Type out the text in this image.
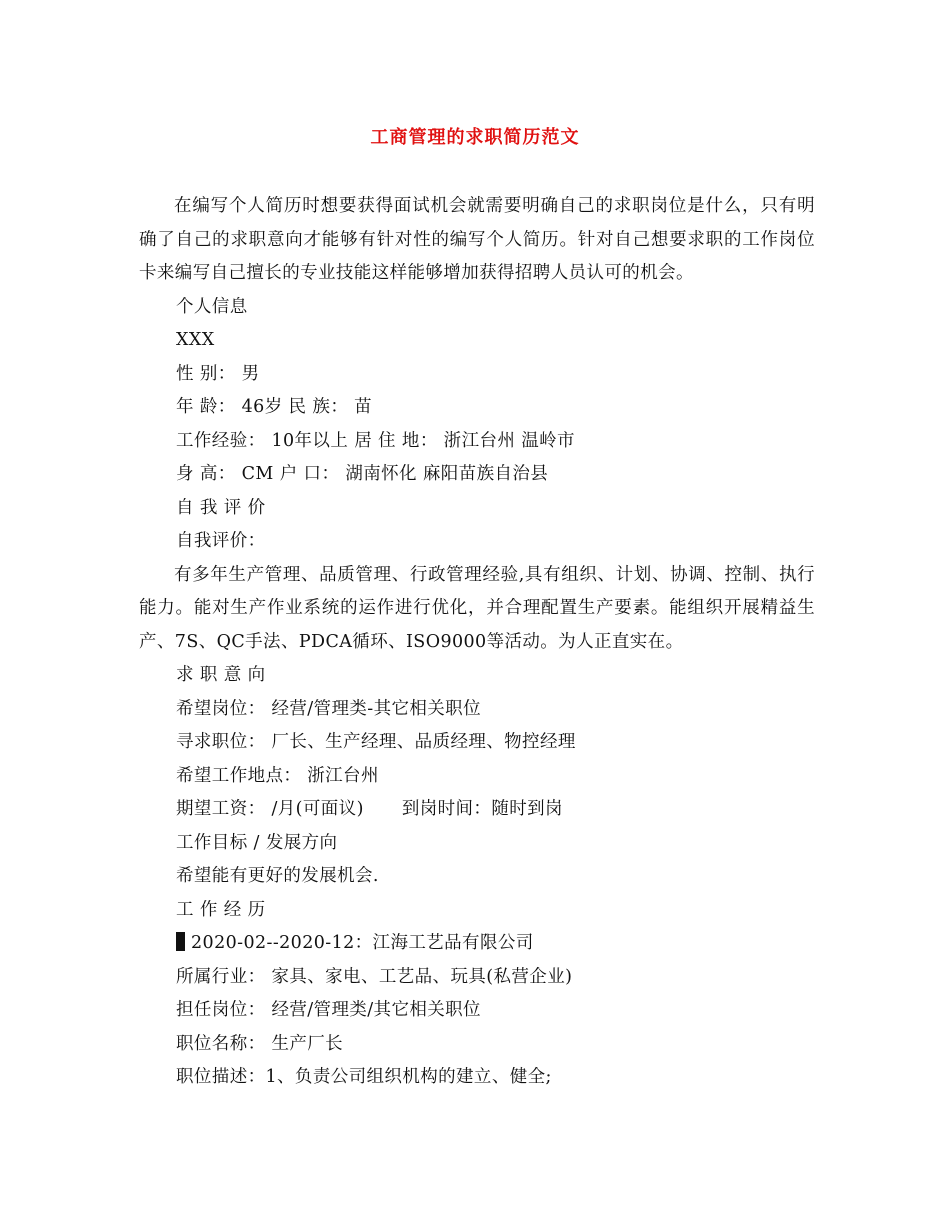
工商管理的求职简历范文

在编写个人简历时想要获得面试机会就需要明确自己的求职岗位是什么，只有明确了自己的求职意向才能够有针对性的编写个人简历。针对自己想要求职的工作岗位卡来编写自己擅长的专业技能这样能够增加获得招聘人员认可的机会。

个人信息

XXX

性 别： 男

年 龄： 46岁 民 族： 苗

工作经验： 10年以上 居 住 地： 浙江台州 温岭市

身 高： CM 户 口： 湖南怀化 麻阳苗族自治县

自 我 评 价

自我评价：

有多年生产管理、品质管理、行政管理经验,具有组织、计划、协调、控制、执行能力。能对生产作业系统的运作进行优化，并合理配置生产要素。能组织开展精益生产、7S、QC手法、PDCA循环、ISO9000等活动。为人正直实在。

求 职 意 向

希望岗位： 经营/管理类-其它相关职位

寻求职位： 厂长、生产经理、品质经理、物控经理

希望工作地点： 浙江台州

期望工资： /月(可面议) 到岗时间：随时到岗

工作目标 / 发展方向

希望能有更好的发展机会.

工 作 经 历

2020-02--2020-12：江海工艺品有限公司

所属行业： 家具、家电、工艺品、玩具(私营企业)

担任岗位： 经营/管理类/其它相关职位

职位名称： 生产厂长

职位描述：1、负责公司组织机构的建立、健全;
